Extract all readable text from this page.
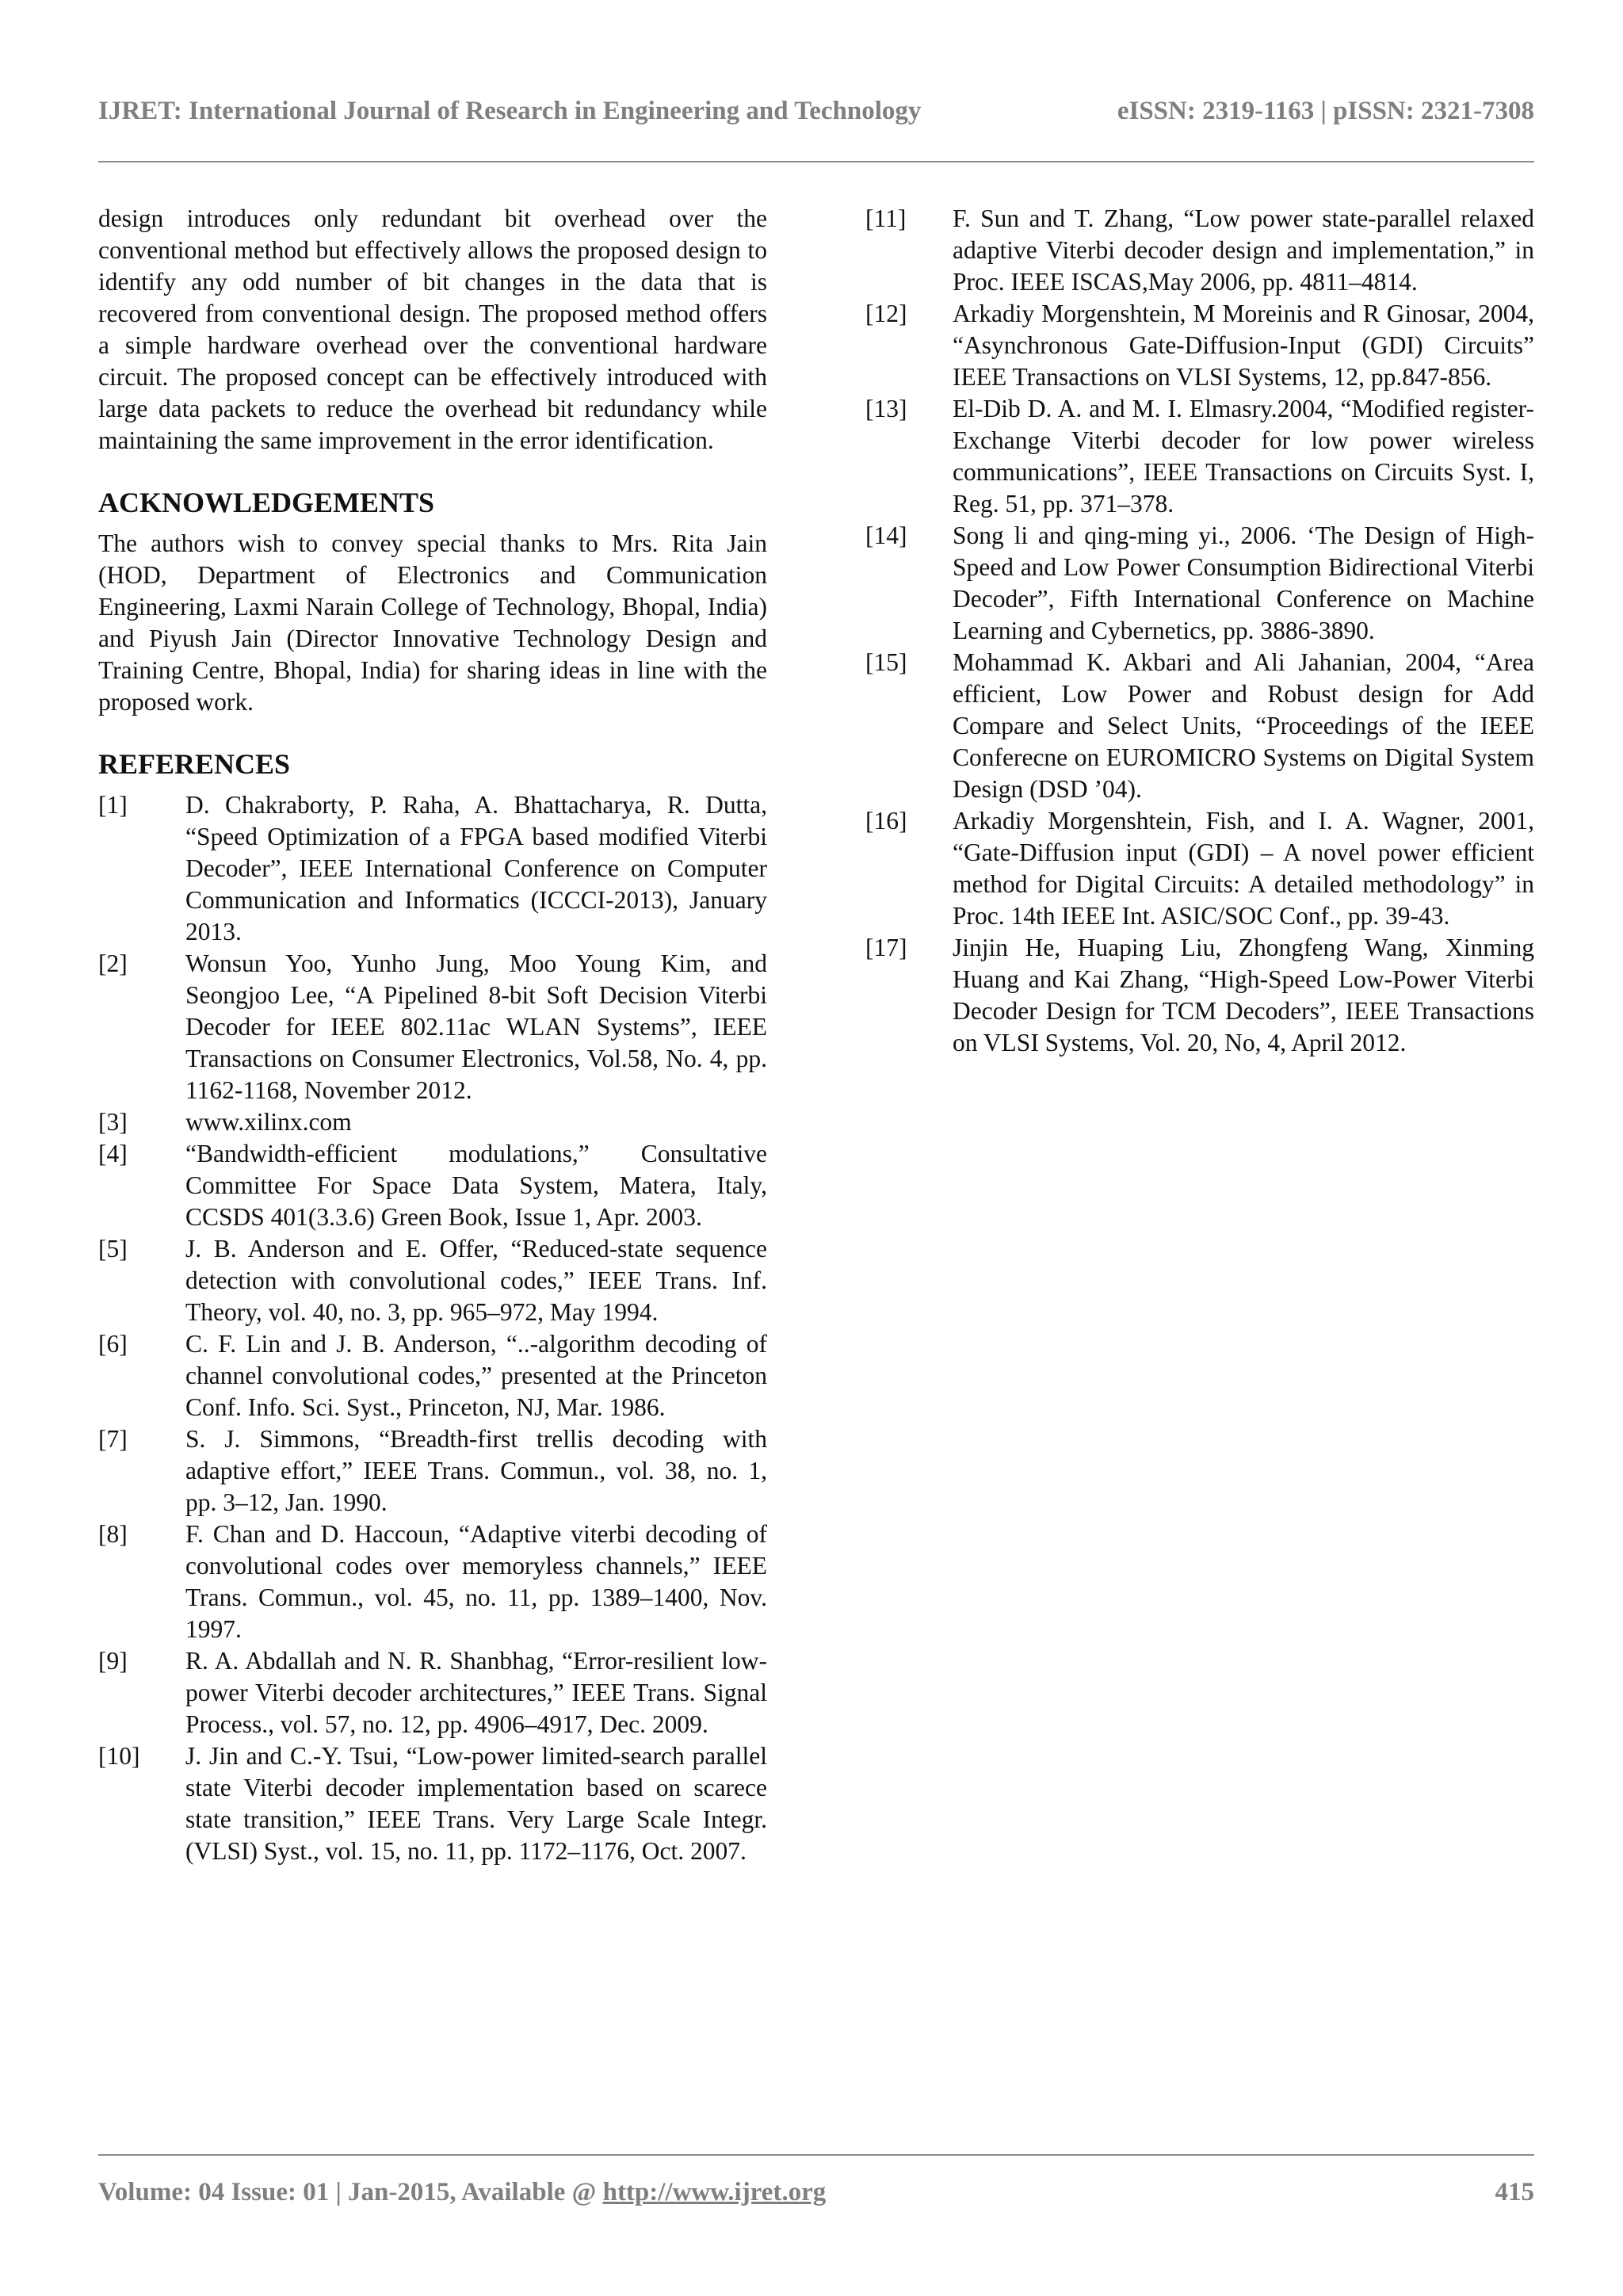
IJRET: International Journal of Research in Engineering and Technology	eISSN: 2319-1163 | pISSN: 2321-7308

design introduces only redundant bit overhead over the conventional method but effectively allows the proposed design to identify any odd number of bit changes in the data that is recovered from conventional design. The proposed method offers a simple hardware overhead over the conventional hardware circuit. The proposed concept can be effectively introduced with large data packets to reduce the overhead bit redundancy while maintaining the same improvement in the error identification.

ACKNOWLEDGEMENTS

The authors wish to convey special thanks to Mrs. Rita Jain (HOD, Department of Electronics and Communication Engineering, Laxmi Narain College of Technology, Bhopal, India) and Piyush Jain (Director Innovative Technology Design and Training Centre, Bhopal, India) for sharing ideas in line with the proposed work.

REFERENCES
[1]	D. Chakraborty, P. Raha, A. Bhattacharya, R. Dutta, “Speed Optimization of a FPGA based modified Viterbi Decoder”, IEEE International Conference on Computer Communication and Informatics (ICCCI-2013), January 2013.
[2]	Wonsun Yoo, Yunho Jung, Moo Young Kim, and Seongjoo Lee, “A Pipelined 8-bit Soft Decision Viterbi Decoder for IEEE 802.11ac WLAN Systems”, IEEE Transactions on Consumer Electronics, Vol.58, No. 4, pp. 1162-1168, November 2012.
[3]	www.xilinx.com
[4]	“Bandwidth-efficient modulations,” Consultative Committee For Space Data System, Matera, Italy, CCSDS 401(3.3.6) Green Book, Issue 1, Apr. 2003.
[5]	J. B. Anderson and E. Offer, “Reduced-state sequence detection with convolutional codes,” IEEE Trans. Inf. Theory, vol. 40, no. 3, pp. 965–972, May 1994.
[6]	C. F. Lin and J. B. Anderson, “..-algorithm decoding of channel convolutional codes,” presented at the Princeton Conf. Info. Sci. Syst., Princeton, NJ, Mar. 1986.
[7]	S. J. Simmons, “Breadth-first trellis decoding with adaptive effort,” IEEE Trans. Commun., vol. 38, no. 1, pp. 3–12, Jan. 1990.
[8]	F. Chan and D. Haccoun, “Adaptive viterbi decoding of convolutional codes over memoryless channels,” IEEE Trans. Commun., vol. 45, no. 11, pp. 1389–1400, Nov. 1997.
[9]	R. A. Abdallah and N. R. Shanbhag, “Error-resilient low-power Viterbi decoder architectures,” IEEE Trans. Signal Process., vol. 57, no. 12, pp. 4906–4917, Dec. 2009.
[10]	J. Jin and C.-Y. Tsui, “Low-power limited-search parallel state Viterbi decoder implementation based on scarece state transition,” IEEE Trans. Very Large Scale Integr. (VLSI) Syst., vol. 15, no. 11, pp. 1172–1176, Oct. 2007.
[11]	F. Sun and T. Zhang, “Low power state-parallel relaxed adaptive Viterbi decoder design and implementation,” in Proc. IEEE ISCAS,May 2006, pp. 4811–4814.
[12]	Arkadiy Morgenshtein, M Moreinis and R Ginosar, 2004, “Asynchronous Gate-Diffusion-Input (GDI) Circuits” IEEE Transactions on VLSI Systems, 12, pp.847-856.
[13]	El-Dib D. A. and M. I. Elmasry.2004, “Modified register-Exchange Viterbi decoder for low power wireless communications”, IEEE Transactions on Circuits Syst. I, Reg. 51, pp. 371–378.
[14]	Song li and qing-ming yi., 2006. ‘The Design of High-Speed and Low Power Consumption Bidirectional Viterbi Decoder”, Fifth International Conference on Machine Learning and Cybernetics, pp. 3886-3890.
[15]	Mohammad K. Akbari and Ali Jahanian, 2004, “Area efficient, Low Power and Robust design for Add Compare and Select Units, “Proceedings of the IEEE Conferecne on EUROMICRO Systems on Digital System Design (DSD ’04).
[16]	Arkadiy Morgenshtein, Fish, and I. A. Wagner, 2001, “Gate-Diffusion input (GDI) – A novel power efficient method for Digital Circuits: A detailed methodology” in Proc. 14th IEEE Int. ASIC/SOC Conf., pp. 39-43.
[17]	Jinjin He, Huaping Liu, Zhongfeng Wang, Xinming Huang and Kai Zhang, “High-Speed Low-Power Viterbi Decoder Design for TCM Decoders”, IEEE Transactions on VLSI Systems, Vol. 20, No, 4, April 2012.
Volume: 04 Issue: 01 | Jan-2015, Available @ http://www.ijret.org	415
